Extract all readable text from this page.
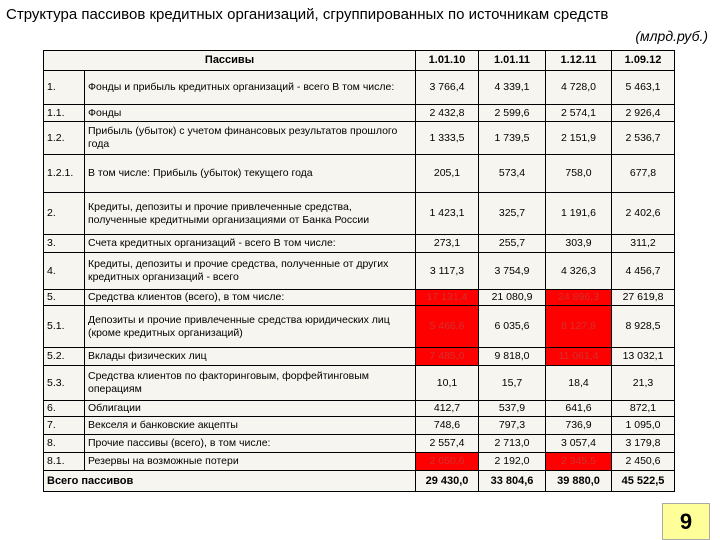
Структура пассивов кредитных организаций, сгруппированных по источникам средств
(млрд.руб.)
Пассивы		1.01.10	1.01.11	1.12.11	1.09.12
1.	Фонды и прибыль кредитных организаций - всего В том числе:	3 766,4	4 339,1	4 728,0	5 463,1
1.1.	Фонды	2 432,8	2 599,6	2 574,1	2 926,4
1.2.	Прибыль (убыток) с учетом финансовых результатов прошлого года	1 333,5	1 739,5	2 151,9	2 536,7
1.2.1.	В том числе: Прибыль (убыток) текущего года	205,1	573,4	758,0	677,8
2.	Кредиты, депозиты и прочие привлеченные средства, полученные кредитными организациями от Банка России	1 423,1	325,7	1 191,6	2 402,6
3.	Счета кредитных организаций - всего В том числе:	273,1	255,7	303,9	311,2
4.	Кредиты, депозиты и прочие средства, полученные от других кредитных организаций - всего	3 117,3	3 754,9	4 326,3	4 456,7
5.	Средства клиентов (всего), в том числе:	17 131,4	21 080,9	24 896,3	27 619,8
5.1.	Депозиты и прочие привлеченные средства юридических лиц (кроме кредитных организаций)	5 466,6	6 035,6	8 127,8	8 928,5
5.2.	Вклады физических лиц	7 485,0	9 818,0	11 061,4	13 032,1
5.3.	Средства клиентов по факторинговым, форфейтинговым операциям	10,1	15,7	18,4	21,3
6.	Облигации	412,7	537,9	641,6	872,1
7.	Векселя и банковские акцепты	748,6	797,3	736,9	1 095,0
8.	Прочие пассивы (всего), в том числе:	2 557,4	2 713,0	3 057,4	3 179,8
8.1.	Резервы на возможные потери	2 050,6	2 192,0	2 345,5	2 450,6
Всего пассивов		29 430,0	33 804,6	39 880,0	45 522,5
9
